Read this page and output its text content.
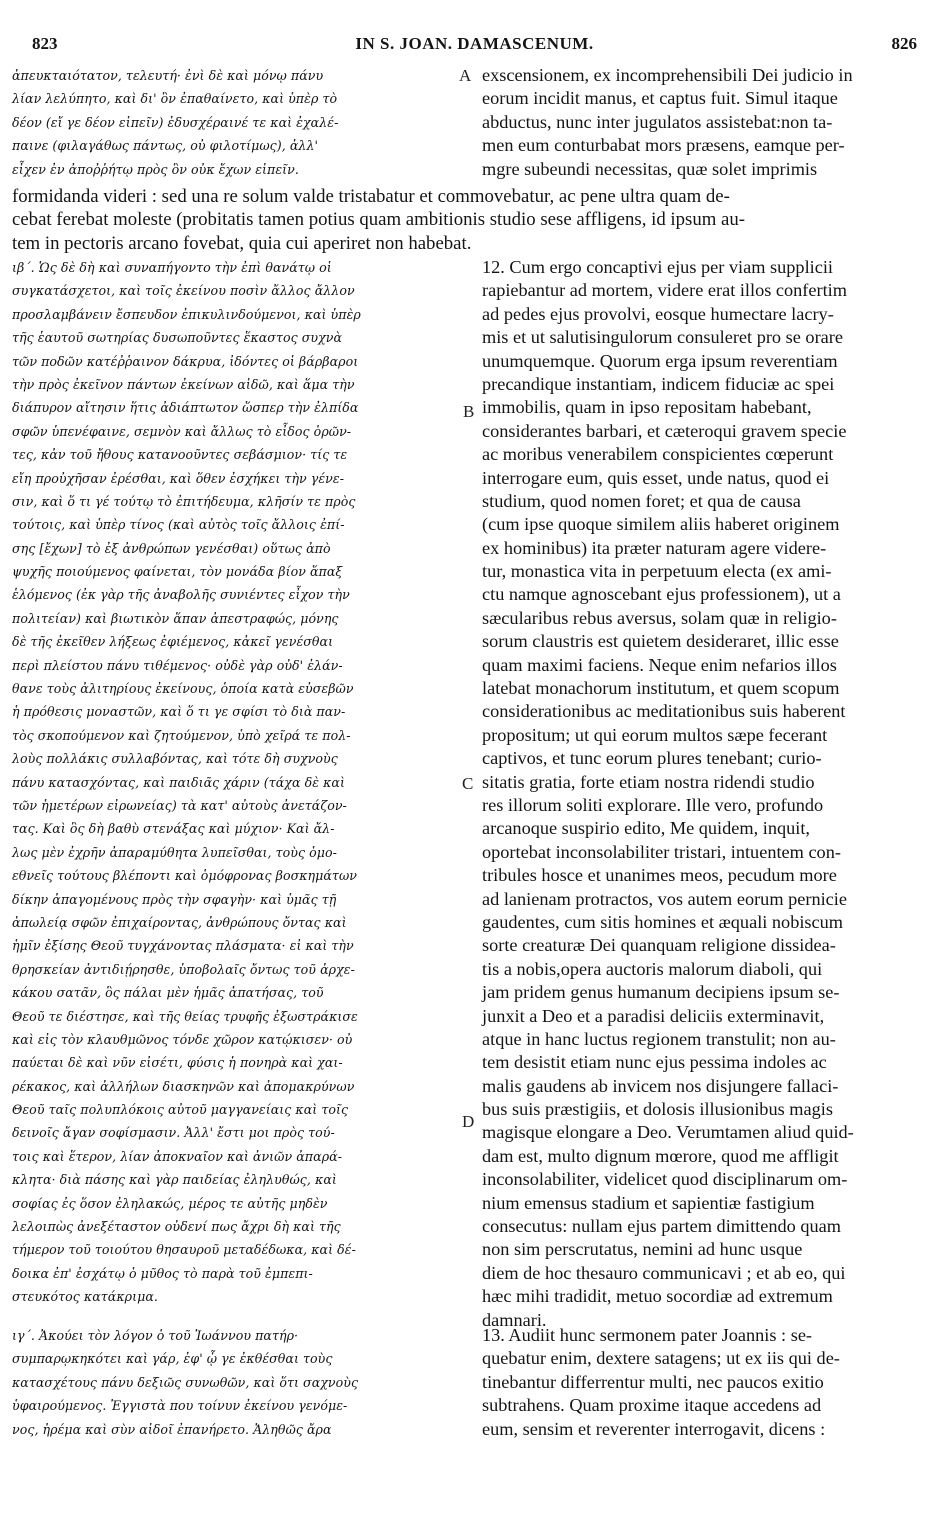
823	IN S. JOAN. DAMASCENUM.	826
ἀπευκταιότατον, τελευτή· ἐνὶ δὲ καὶ μόνῳ πάνυ
λίαν λελύπητο, καὶ δι' ὃν ἐπαθαίνετο, καὶ ὑπὲρ τὸ
δέον (εἴ γε δέον εἰπεῖν) ἐδυσχέραινέ τε καὶ ἐχαλέ-
παινε (φιλαγάθως πάντως, οὐ φιλοτίμως), ἀλλ'
εἶχεν ἐν ἀποῤῥήτῳ πρὸς ὃν οὐκ ἔχων εἰπεῖν.
exscensionem, ex incomprehensibili Dei judicio in
eorum incidit manus, et captus fuit. Simul itaque
abductus, nunc inter jugulatos assistebat:non ta-
men eum conturbabat mors præsens, eamque per-
mgre subeundi necessitas, quæ solet imprimis
formidanda videri : sed una re solum valde tristabatur et commovebatur, ac pene ultra quam de-
cebat ferebat moleste (probitatis tamen potius quam ambitionis studio sese affligens, id ipsum au-
tem in pectoris arcano fovebat, quia cui aperiret non habebat.
A
B
C
D
ιβ´. Ὡς δὲ δὴ καὶ συναπήγοντο τὴν ἐπὶ θανάτῳ οἱ
συγκατάσχετοι, καὶ τοῖς ἐκείνου ποσὶν ἄλλος ἄλλον
προσλαμβάνειν ἔσπευδον ἐπικυλινδούμενοι, καὶ ὑπὲρ
τῆς ἑαυτοῦ σωτηρίας δυσωποῦντες ἕκαστος συχνὰ
τῶν ποδῶν κατέῤῥαινον δάκρυα, ἰδόντες οἱ βάρβαροι
τὴν πρὸς ἐκεῖνον πάντων ἐκείνων αἰδῶ, καὶ ἅμα τὴν
διάπυρον αἴτησιν ἥτις ἀδιάπτωτον ὥσπερ τὴν ἐλπίδα
σφῶν ὑπενέφαινε, σεμνὸν καὶ ἄλλως τὸ εἶδος ὁρῶν-
τες, κἀν τοῦ ἤθους κατανοοῦντες σεβάσμιον· τίς τε
εἴη προὐχῆσαν ἐρέσθαι, καὶ ὅθεν ἐσχήκει τὴν γένε-
σιν, καὶ ὅ τι γέ τούτῳ τὸ ἐπιτήδευμα, κλῆσίν τε πρὸς
τούτοις, καὶ ὑπὲρ τίνος (καὶ αὐτὸς τοῖς ἄλλοις ἐπί-
σης [ἔχων] τὸ ἐξ ἀνθρώπων γενέσθαι) οὕτως ἀπὸ
ψυχῆς ποιούμενος φαίνεται, τὸν μονάδα βίον ἅπαξ
ἑλόμενος (ἐκ γὰρ τῆς ἀναβολῆς συνιέντες εἶχον τὴν
πολιτείαν) καὶ βιωτικὸν ἅπαν ἀπεστραφώς, μόνης
δὲ τῆς ἐκεῖθεν λήξεως ἐφιέμενος, κἀκεῖ γενέσθαι
περὶ πλείστου πάνυ τιθέμενος· οὐδὲ γὰρ οὐδ' ἐλάν-
θανε τοὺς ἀλιτηρίους ἐκείνους, ὁποία κατὰ εὐσεβῶν
ἡ πρόθεσις μοναστῶν, καὶ ὅ τι γε σφίσι τὸ διὰ παν-
τὸς σκοπούμενον καὶ ζητούμενον, ὑπὸ χεῖρά τε πολ-
λοὺς πολλάκις συλλαβόντας, καὶ τότε δὴ συχνοὺς
πάνυ κατασχόντας, καὶ παιδιᾶς χάριν (τάχα δὲ καὶ
τῶν ἡμετέρων εἰρωνείας) τὰ κατ' αὐτοὺς ἀνετάζον-
τας. Καὶ ὃς δὴ βαθὺ στενάξας καὶ μύχιον· Καὶ ἄλ-
λως μὲν ἐχρῆν ἀπαραμύθητα λυπεῖσθαι, τοὺς ὁμο-
εθνεῖς τούτους βλέποντι καὶ ὁμόφρονας βοσκημάτων
δίκην ἀπαγομένους πρὸς τὴν σφαγὴν· καὶ ὑμᾶς τῇ
ἀπωλείᾳ σφῶν ἐπιχαίροντας, ἀνθρώπους ὄντας καὶ
ἡμῖν ἐξίσης Θεοῦ τυγχάνοντας πλάσματα· εἰ καὶ τὴν
θρησκείαν ἀντιδιῄρησθε, ὑποβολαῖς ὄντως τοῦ ἀρχε-
κάκου σατᾶν, ὃς πάλαι μὲν ἡμᾶς ἀπατήσας, τοῦ
Θεοῦ τε διέστησε, καὶ τῆς θείας τρυφῆς ἐξωστράκισε
καὶ εἰς τὸν κλαυθμῶνος τόνδε χῶρον κατῴκισεν· οὐ
παύεται δὲ καὶ νῦν εἰσέτι, φύσις ἡ πονηρὰ καὶ χαι-
ρέκακος, καὶ ἀλλήλων διασκηνῶν καὶ ἀπομακρύνων
Θεοῦ ταῖς πολυπλόκοις αὐτοῦ μαγγανείαις καὶ τοῖς
δεινοῖς ἄγαν σοφίσμασιν. Ἀλλ' ἔστι μοι πρὸς τού-
τοις καὶ ἕτερον, λίαν ἀποκναῖον καὶ ἀνιῶν ἀπαρά-
κλητα· διὰ πάσης καὶ γὰρ παιδείας ἐληλυθώς, καὶ
σοφίας ἐς ὅσον ἐληλακώς, μέρος τε αὐτῆς μηδὲν
λελοιπὼς ἀνεξέταστον οὐδενί πως ἄχρι δὴ καὶ τῆς
τήμερον τοῦ τοιούτου θησαυροῦ μεταδέδωκα, καὶ δέ-
δοικα ἐπ' ἐσχάτῳ ὁ μῦθος τὸ παρὰ τοῦ ἐμπεπι-
στευκότος κατάκριμα.
12. Cum ergo concaptivi ejus per viam supplicii
rapiebantur ad mortem, videre erat illos confertim
ad pedes ejus provolvi, eosque humectare lacry-
mis et ut salutisingulorum consuleret pro se orare
unumquemque. Quorum erga ipsum reverentiam
precandique instantiam, indicem fiduciæ ac spei
immobilis, quam in ipso repositam habebant,
considerantes barbari, et cæteroqui gravem specie
ac moribus venerabilem conspicientes cœperunt
interrogare eum, quis esset, unde natus, quod ei
studium, quod nomen foret; et qua de causa
(cum ipse quoque similem aliis haberet originem
ex hominibus) ita præter naturam agere videre-
tur, monastica vita in perpetuum electa (ex ami-
ctu namque agnoscebant ejus professionem), ut a
sæcularibus rebus aversus, solam quæ in religio-
sorum claustris est quietem desideraret, illic esse
quam maximi faciens. Neque enim nefarios illos
latebat monachorum institutum, et quem scopum
considerationibus ac meditationibus suis haberent
propositum; ut qui eorum multos sæpe fecerant
captivos, et tunc eorum plures tenebant; curio-
sitatis gratia, forte etiam nostra ridendi studio
res illorum soliti explorare. Ille vero, profundo
arcanoque suspirio edito, Me quidem, inquit,
oportebat inconsolabiliter tristari, intuentem con-
tribules hosce et unanimes meos, pecudum more
ad lanienam protractos, vos autem eorum pernicie
gaudentes, cum sitis homines et æquali nobiscum
sorte creaturæ Dei quanquam religione dissidea-
tis a nobis,opera auctoris malorum diaboli, qui
jam pridem genus humanum decipiens ipsum se-
junxit a Deo et a paradisi deliciis exterminavit,
atque in hanc luctus regionem transtulit; non au-
tem desistit etiam nunc ejus pessima indoles ac
malis gaudens ab invicem nos disjungere fallaci-
bus suis præstigiis, et dolosis illusionibus magis
magisque elongare a Deo. Verumtamen aliud quid-
dam est, multo dignum mœrore, quod me affligit
inconsolabiliter, videlicet quod disciplinarum om-
nium emensus stadium et sapientiæ fastigium
consecutus: nullam ejus partem dimittendo quam
non sim perscrutatus, nemini ad hunc usque
diem de hoc thesauro communicavi ; et ab eo, qui
hæc mihi tradidit, metuo socordiæ ad extremum
damnari.
ιγ´. Ἀκούει τὸν λόγον ὁ τοῦ Ἰωάννου πατήρ·
συμπαρῳκηκότει καὶ γάρ, ἐφ' ᾧ γε ἐκθέσθαι τοὺς
κατασχέτους πάνυ δεξιῶς συνωθῶν, καὶ ὅτι σαχνοὺς
ὑφαιρούμενος. Ἐγγιστὰ που τοίνυν ἐκείνου γενόμε-
νος, ἠρέμα καὶ σὺν αἰδοῖ ἐπανήρετο. Ἀληθῶς ἄρα
13. Audiit hunc sermonem pater Joannis : se-
quebatur enim, dextere satagens; ut ex iis qui de-
tinebantur differrentur multi, nec paucos exitio
subtrahens. Quam proxime itaque accedens ad
eum, sensim et reverenter interrogavit, dicens :
